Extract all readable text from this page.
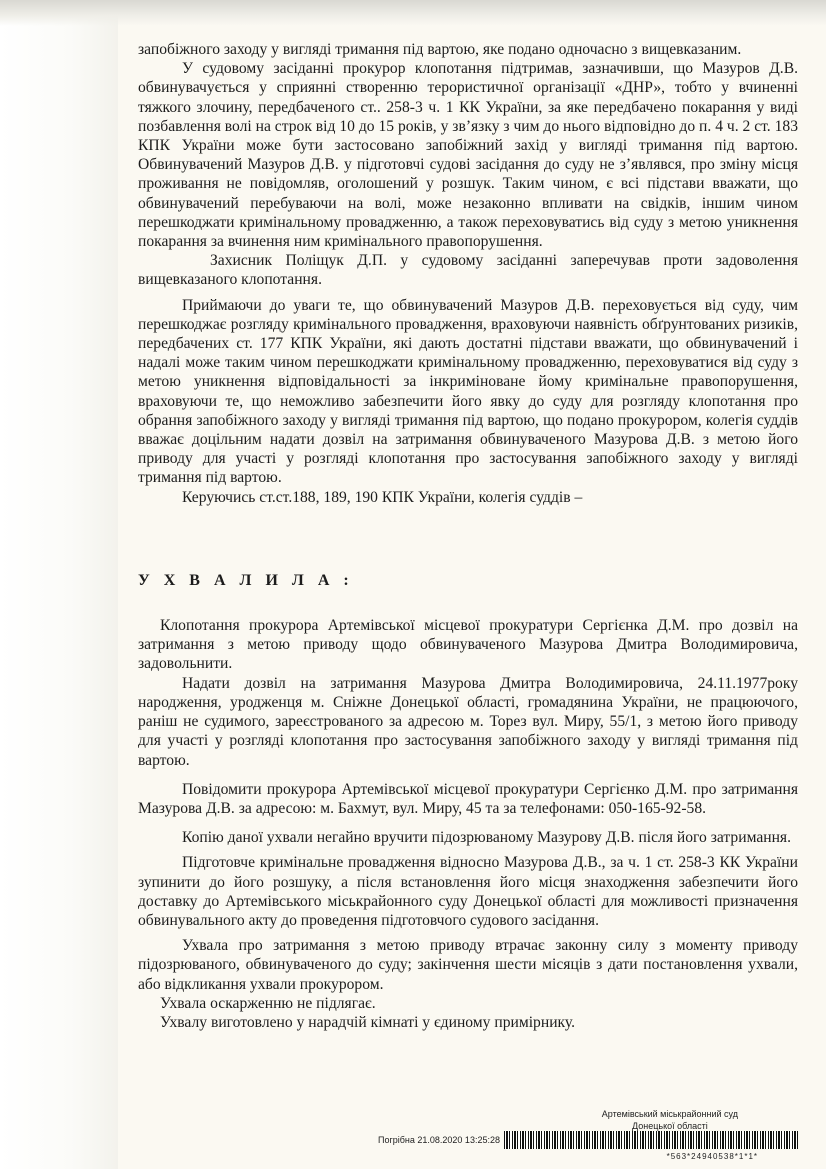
запобіжного заходу у вигляді тримання під вартою, яке подано одночасно з вищевказаним.

У судовому засіданні прокурор клопотання підтримав, зазначивши, що Мазуров Д.В. обвинувачується у сприянні створенню терористичної організації «ДНР», тобто у вчиненні тяжкого злочину, передбаченого ст.. 258-3 ч. 1 КК України, за яке передбачено покарання у виді позбавлення волі на строк від 10 до 15 років, у зв’язку з чим до нього відповідно до п. 4 ч. 2 ст. 183 КПК України може бути застосовано запобіжний захід у вигляді тримання під вартою. Обвинувачений Мазуров Д.В. у підготовчі судові засідання до суду не з’являвся, про зміну місця проживання не повідомляв, оголошений у розшук. Таким чином, є всі підстави вважати, що обвинувачений перебуваючи на волі, може незаконно впливати на свідків, іншим чином перешкоджати кримінальному провадженню, а також переховуватись від суду з метою уникнення покарання за вчинення ним кримінального правопорушення.

Захисник Поліщук Д.П. у судовому засіданні заперечував проти задоволення вищевказаного клопотання.

Приймаючи до уваги те, що обвинувачений Мазуров Д.В. переховується від суду, чим перешкоджає розгляду кримінального провадження, враховуючи наявність обґрунтованих ризиків, передбачених ст. 177 КПК України, які дають достатні підстави вважати, що обвинувачений і надалі може таким чином перешкоджати кримінальному провадженню, переховуватися від суду з метою уникнення відповідальності за інкриміноване йому кримінальне правопорушення, враховуючи те, що неможливо забезпечити його явку до суду для розгляду клопотання про обрання запобіжного заходу у вигляді тримання під вартою, що подано прокурором, колегія суддів вважає доцільним надати дозвіл на затримання обвинуваченого Мазурова Д.В. з метою його приводу для участі у розгляді клопотання про застосування запобіжного заходу у вигляді тримання під вартою.

Керуючись ст.ст.188, 189, 190 КПК України, колегія суддів –

У Х В А Л И Л А :

Клопотання прокурора Артемівської місцевої прокуратури Сергієнка Д.М. про дозвіл на затримання з метою приводу щодо обвинуваченого Мазурова Дмитра Володимировича, задовольнити.

Надати дозвіл на затримання Мазурова Дмитра Володимировича, 24.11.1977року народження, уродженця м. Сніжне Донецької області, громадянина України, не працюючого, раніш не судимого, зареєстрованого за адресою м. Торез вул. Миру, 55/1, з метою його приводу для участі у розгляді клопотання про застосування запобіжного заходу у вигляді тримання під вартою.

Повідомити прокурора Артемівської місцевої прокуратури Сергієнко Д.М. про затримання Мазурова Д.В. за адресою: м. Бахмут, вул. Миру, 45 та за телефонами: 050-165-92-58.

Копію даної ухвали негайно вручити підозрюваному Мазурову Д.В. після його затримання.

Підготовче кримінальне провадження відносно Мазурова Д.В., за ч. 1 ст. 258-3 КК України зупинити до його розшуку, а після встановлення його місця знаходження забезпечити його доставку до Артемівського міськрайонного суду Донецької області для можливості призначення обвинувального акту до проведення підготовчого судового засідання.

Ухвала про затримання з метою приводу втрачає законну силу з моменту приводу підозрюваного, обвинуваченого до суду; закінчення шести місяців з дати постановлення ухвали, або відкликання ухвали прокурором.

Ухвала оскарженню не підлягає.

Ухвалу виготовлено у нарадчій кімнаті у єдиному примірнику.

Артемівський міськрайонний суд
Донецької області
Погрібна 21.08.2020 13:25:28
*563*24940538*1*1*
